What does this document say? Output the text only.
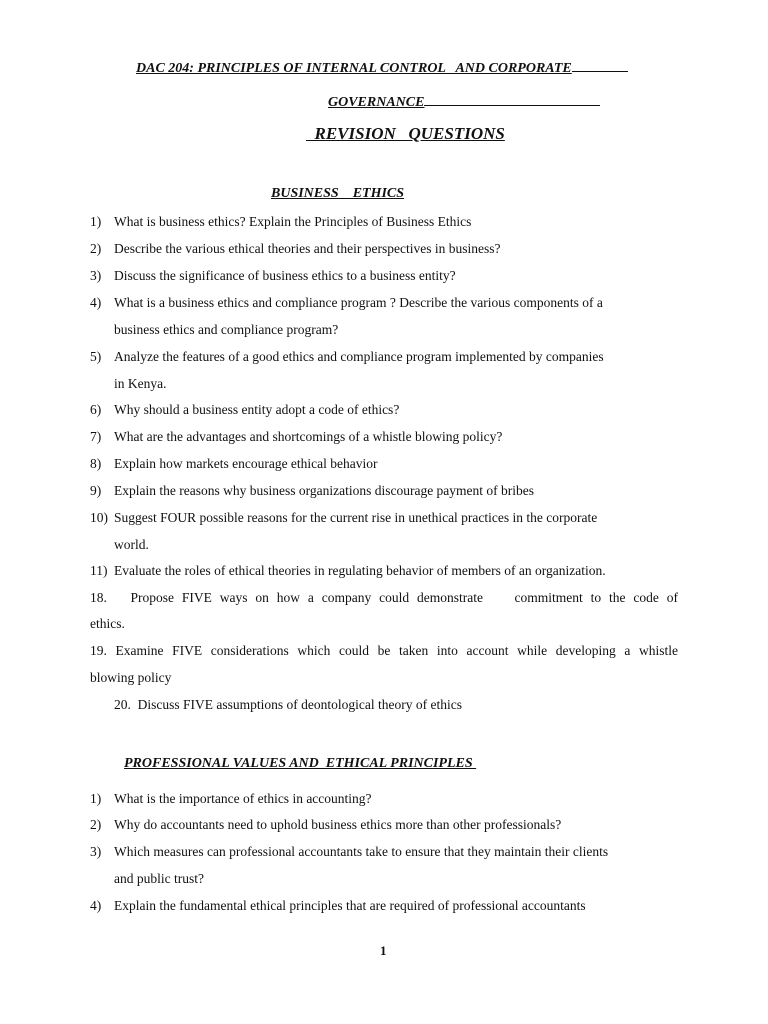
DAC 204: PRINCIPLES OF INTERNAL CONTROL   AND CORPORATE
GOVERNANCE
REVISION   QUESTIONS
BUSINESS    ETHICS
1) What is business ethics? Explain the Principles of Business Ethics
2) Describe the various ethical theories and their perspectives in business?
3) Discuss the significance of business ethics to a business entity?
4) What is a business ethics and compliance program ? Describe the various components of a
business ethics and compliance program?
5) Analyze the features of a good ethics and compliance program implemented by companies
in Kenya.
6) Why should a business entity adopt a code of ethics?
7) What are the advantages and shortcomings of a whistle blowing policy?
8) Explain how markets encourage ethical behavior
9) Explain the reasons why business organizations discourage payment of bribes
10) Suggest FOUR possible reasons for the current rise in unethical practices in the corporate
world.
11) Evaluate the roles of ethical theories in regulating behavior of members of an organization.
18.   Propose FIVE ways on how a company could demonstrate    commitment to the code of
ethics.
19. Examine FIVE considerations which could be taken into account while developing a whistle
blowing policy
20.  Discuss FIVE assumptions of deontological theory of ethics
PROFESSIONAL VALUES AND  ETHICAL PRINCIPLES
1) What is the importance of ethics in accounting?
2) Why do accountants need to uphold business ethics more than other professionals?
3) Which measures can professional accountants take to ensure that they maintain their clients
and public trust?
4) Explain the fundamental ethical principles that are required of professional accountants
1
